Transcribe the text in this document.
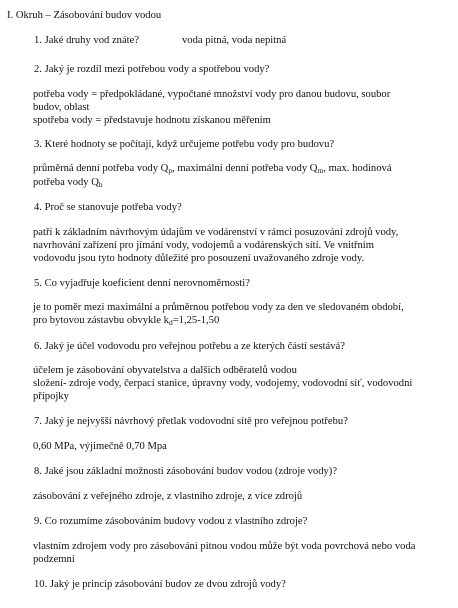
I. Okruh – Zásobování budov vodou
1. Jaké druhy vod znáte?	voda pitná, voda nepitná
2. Jaký je rozdíl mezi potřebou vody a spotřebou vody?
potřeba vody = předpokládané, vypočtané množství vody pro danou budovu, soubor
budov, oblast
spotřeba vody = představuje hodnotu získanou měřením
3. Které hodnoty se počítají, když určujeme potřebu vody pro budovu?
průměrná denní potřeba vody $Q_p$, maximální denní potřeba vody $Q_m$, max. hodinová
potřeba vody $Q_h$
4. Proč se stanovuje potřeba vody?
patří k základním návrhovým údajům ve vodárenství v rámci posuzování zdrojů vody,
navrhování zařízení pro jímání vody, vodojemů a vodárenských sítí. Ve vnitřním
vodovodu jsou tyto hodnoty důležité pro posouzení uvažovaného zdroje vody.
5. Co vyjadřuje koeficient denní nerovnoměrnosti?
je to poměr mezi maximální a průměrnou potřebou vody za den ve sledovaném období,
pro bytovou zástavbu obvykle $k_d=1,25-1,50$
6. Jaký je účel vodovodu pro veřejnou potřebu a ze kterých částí sestává?
účelem je zásobování obyvatelstva a dalších odběratelů vodou
složení- zdroje vody, čerpací stanice, úpravny vody, vodojemy, vodovodní síť, vodovodní
přípojky
7. Jaký je nejvyšší návrhový přetlak vodovodní sítě pro veřejnou potřebu?
0,60 MPa, výjimečně 0,70 Mpa
8. Jaké jsou základní možnosti zásobování budov vodou (zdroje vody)?
zásobování z veřejného zdroje, z vlastního zdroje, z více zdrojů
9. Co rozumíme zásobováním budovy vodou z vlastního zdroje?
vlastním zdrojem vody pro zásobování pitnou vodou může být voda povrchová nebo voda
podzemní
10. Jaký je princip zásobování budov ze dvou zdrojů vody?
